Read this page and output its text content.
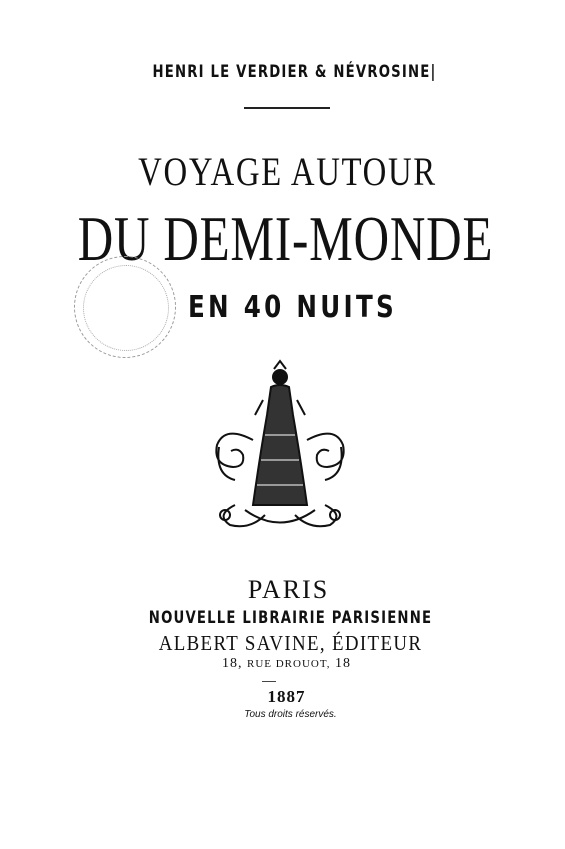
HENRI LE VERDIER & NÉVROSINE|
VOYAGE AUTOUR
DU DEMI-MONDE
EN 40 NUITS
PARIS
NOUVELLE LIBRAIRIE PARISIENNE
ALBERT SAVINE, ÉDITEUR
18, RUE DROUOT, 18
1887
Tous droits réservés.
